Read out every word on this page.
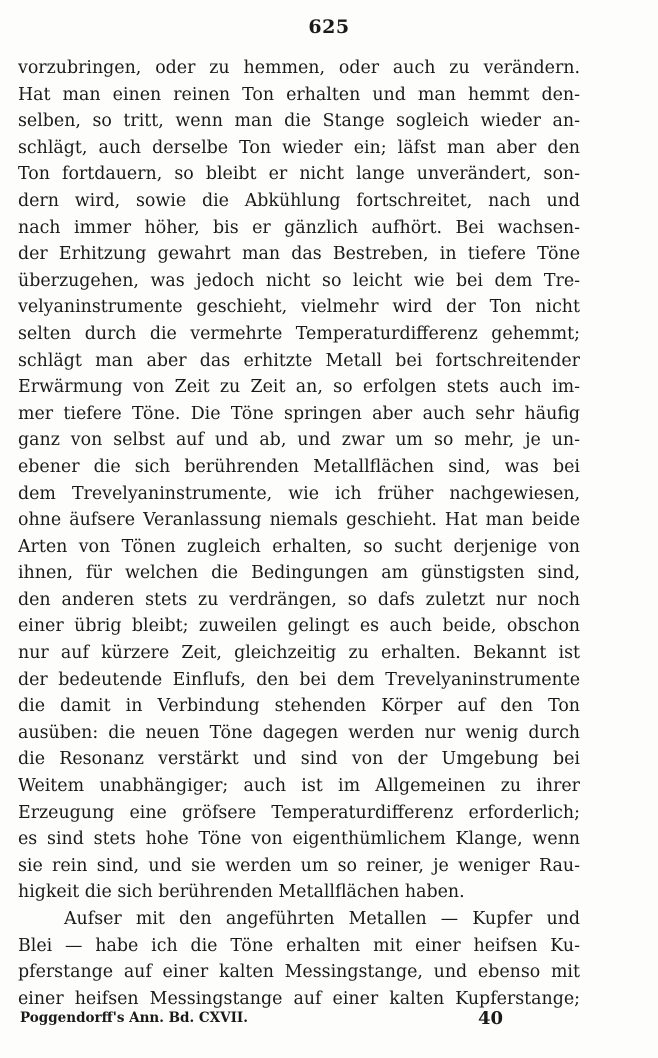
625
vorzubringen, oder zu hemmen, oder auch zu verändern.
Hat man einen reinen Ton erhalten und man hemmt den-
selben, so tritt, wenn man die Stange sogleich wieder an-
schlägt, auch derselbe Ton wieder ein; läfst man aber den
Ton fortdauern, so bleibt er nicht lange unverändert, son-
dern wird, sowie die Abkühlung fortschreitet, nach und
nach immer höher, bis er gänzlich aufhört. Bei wachsen-
der Erhitzung gewahrt man das Bestreben, in tiefere Töne
überzugehen, was jedoch nicht so leicht wie bei dem Tre-
velyaninstrumente geschieht, vielmehr wird der Ton nicht
selten durch die vermehrte Temperaturdifferenz gehemmt;
schlägt man aber das erhitzte Metall bei fortschreitender
Erwärmung von Zeit zu Zeit an, so erfolgen stets auch im-
mer tiefere Töne. Die Töne springen aber auch sehr häufig
ganz von selbst auf und ab, und zwar um so mehr, je un-
ebener die sich berührenden Metallflächen sind, was bei
dem Trevelyaninstrumente, wie ich früher nachgewiesen,
ohne äufsere Veranlassung niemals geschieht. Hat man beide
Arten von Tönen zugleich erhalten, so sucht derjenige von
ihnen, für welchen die Bedingungen am günstigsten sind,
den anderen stets zu verdrängen, so dafs zuletzt nur noch
einer übrig bleibt; zuweilen gelingt es auch beide, obschon
nur auf kürzere Zeit, gleichzeitig zu erhalten. Bekannt ist
der bedeutende Einflufs, den bei dem Trevelyaninstrumente
die damit in Verbindung stehenden Körper auf den Ton
ausüben: die neuen Töne dagegen werden nur wenig durch
die Resonanz verstärkt und sind von der Umgebung bei
Weitem unabhängiger; auch ist im Allgemeinen zu ihrer
Erzeugung eine gröfsere Temperaturdifferenz erforderlich;
es sind stets hohe Töne von eigenthümlichem Klange, wenn
sie rein sind, und sie werden um so reiner, je weniger Rau-
higkeit die sich berührenden Metallflächen haben.
Aufser mit den angeführten Metallen — Kupfer und
Blei — habe ich die Töne erhalten mit einer heifsen Ku-
pferstange auf einer kalten Messingstange, und ebenso mit
einer heifsen Messingstange auf einer kalten Kupferstange;
Poggendorff's Ann. Bd. CXVII.	40
